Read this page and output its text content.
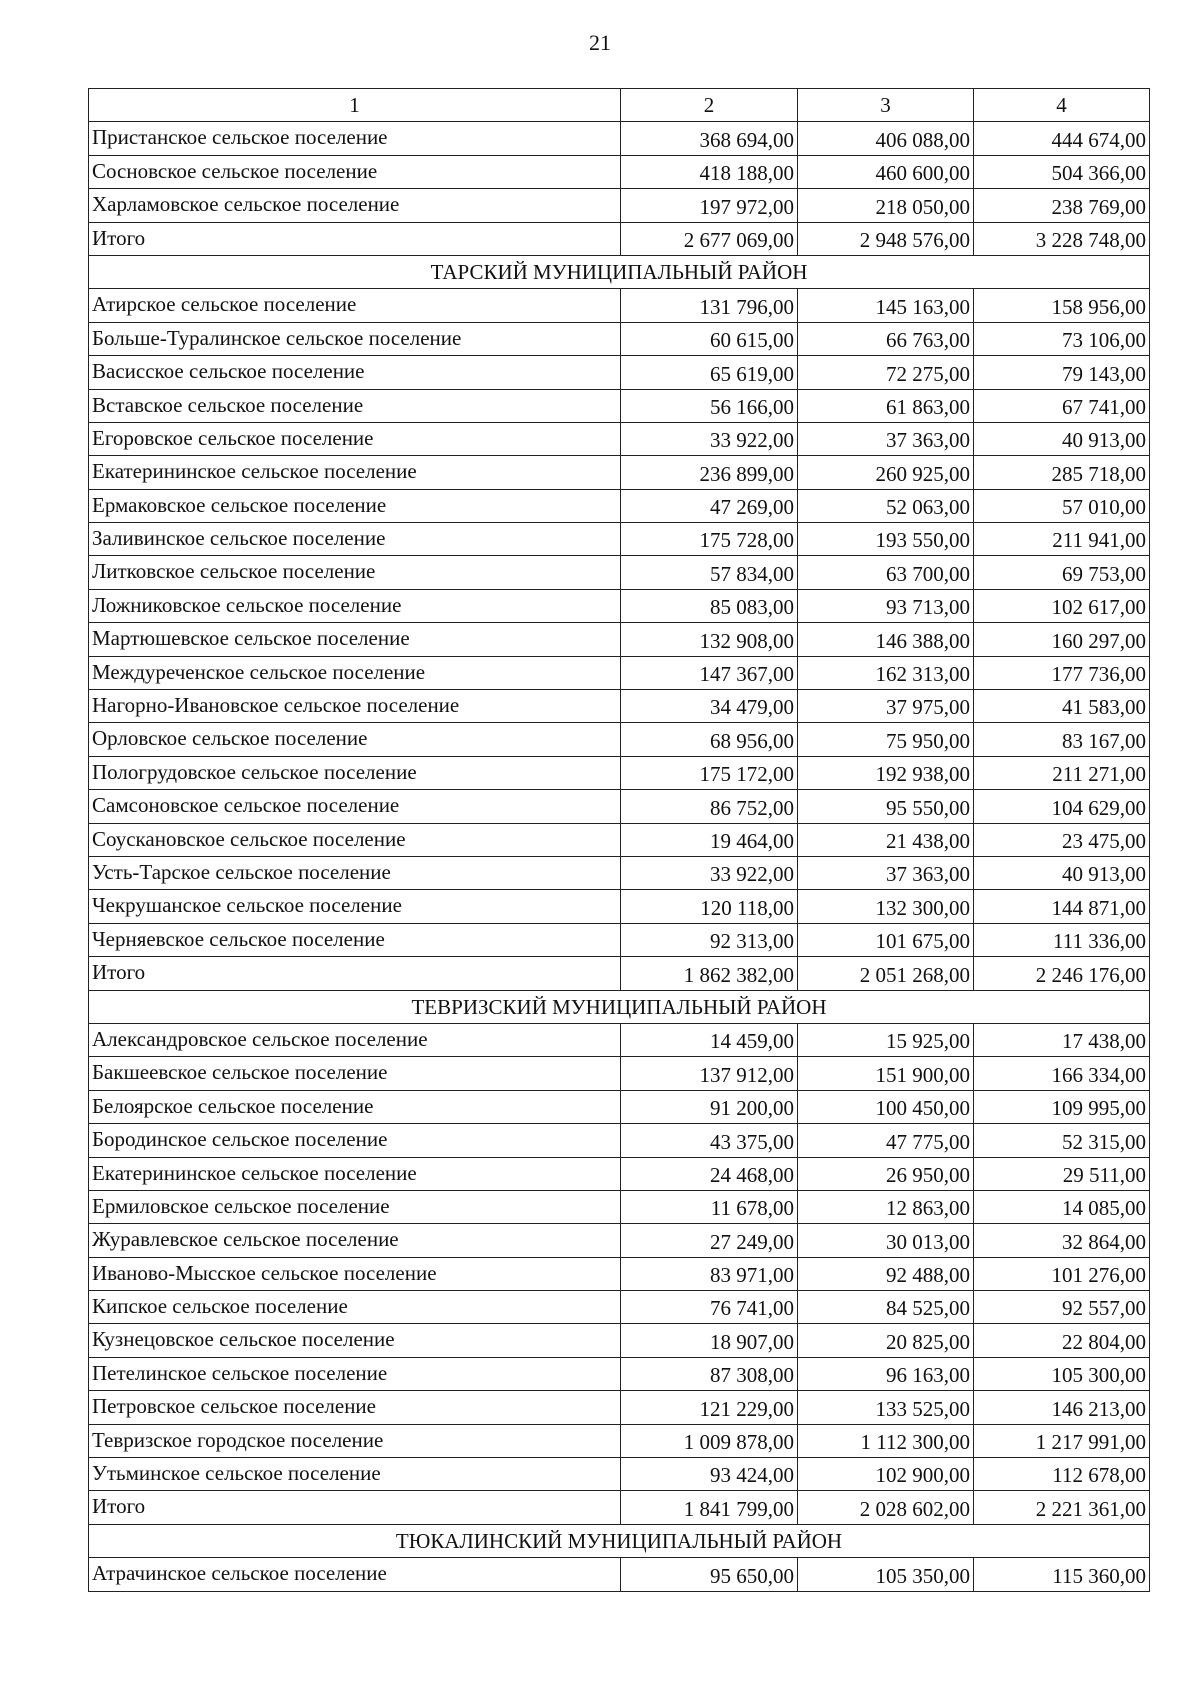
21
1	2	3	4
Пристанское сельское поселение	368 694,00	406 088,00	444 674,00
Сосновское сельское поселение	418 188,00	460 600,00	504 366,00
Харламовское сельское поселение	197 972,00	218 050,00	238 769,00
Итого	2 677 069,00	2 948 576,00	3 228 748,00
ТАРСКИЙ МУНИЦИПАЛЬНЫЙ РАЙОН			
Атирское сельское поселение	131 796,00	145 163,00	158 956,00
Больше-Туралинское сельское поселение	60 615,00	66 763,00	73 106,00
Васисское сельское поселение	65 619,00	72 275,00	79 143,00
Вставское сельское поселение	56 166,00	61 863,00	67 741,00
Егоровское сельское поселение	33 922,00	37 363,00	40 913,00
Екатерининское сельское поселение	236 899,00	260 925,00	285 718,00
Ермаковское сельское поселение	47 269,00	52 063,00	57 010,00
Заливинское сельское поселение	175 728,00	193 550,00	211 941,00
Литковское сельское поселение	57 834,00	63 700,00	69 753,00
Ложниковское сельское поселение	85 083,00	93 713,00	102 617,00
Мартюшевское сельское поселение	132 908,00	146 388,00	160 297,00
Междуреченское сельское поселение	147 367,00	162 313,00	177 736,00
Нагорно-Ивановское сельское поселение	34 479,00	37 975,00	41 583,00
Орловское сельское поселение	68 956,00	75 950,00	83 167,00
Пологрудовское сельское поселение	175 172,00	192 938,00	211 271,00
Самсоновское сельское поселение	86 752,00	95 550,00	104 629,00
Соускановское сельское поселение	19 464,00	21 438,00	23 475,00
Усть-Тарское сельское поселение	33 922,00	37 363,00	40 913,00
Чекрушанское сельское поселение	120 118,00	132 300,00	144 871,00
Черняевское сельское поселение	92 313,00	101 675,00	111 336,00
Итого	1 862 382,00	2 051 268,00	2 246 176,00
ТЕВРИЗСКИЙ МУНИЦИПАЛЬНЫЙ РАЙОН			
Александровское сельское поселение	14 459,00	15 925,00	17 438,00
Бакшеевское сельское поселение	137 912,00	151 900,00	166 334,00
Белоярское сельское поселение	91 200,00	100 450,00	109 995,00
Бородинское сельское поселение	43 375,00	47 775,00	52 315,00
Екатерининское сельское поселение	24 468,00	26 950,00	29 511,00
Ермиловское сельское поселение	11 678,00	12 863,00	14 085,00
Журавлевское сельское поселение	27 249,00	30 013,00	32 864,00
Иваново-Мысское сельское поселение	83 971,00	92 488,00	101 276,00
Кипское сельское поселение	76 741,00	84 525,00	92 557,00
Кузнецовское сельское поселение	18 907,00	20 825,00	22 804,00
Петелинское сельское поселение	87 308,00	96 163,00	105 300,00
Петровское сельское поселение	121 229,00	133 525,00	146 213,00
Тевризское городское поселение	1 009 878,00	1 112 300,00	1 217 991,00
Утьминское сельское поселение	93 424,00	102 900,00	112 678,00
Итого	1 841 799,00	2 028 602,00	2 221 361,00
ТЮКАЛИНСКИЙ МУНИЦИПАЛЬНЫЙ РАЙОН			
Атрачинское сельское поселение	95 650,00	105 350,00	115 360,00
